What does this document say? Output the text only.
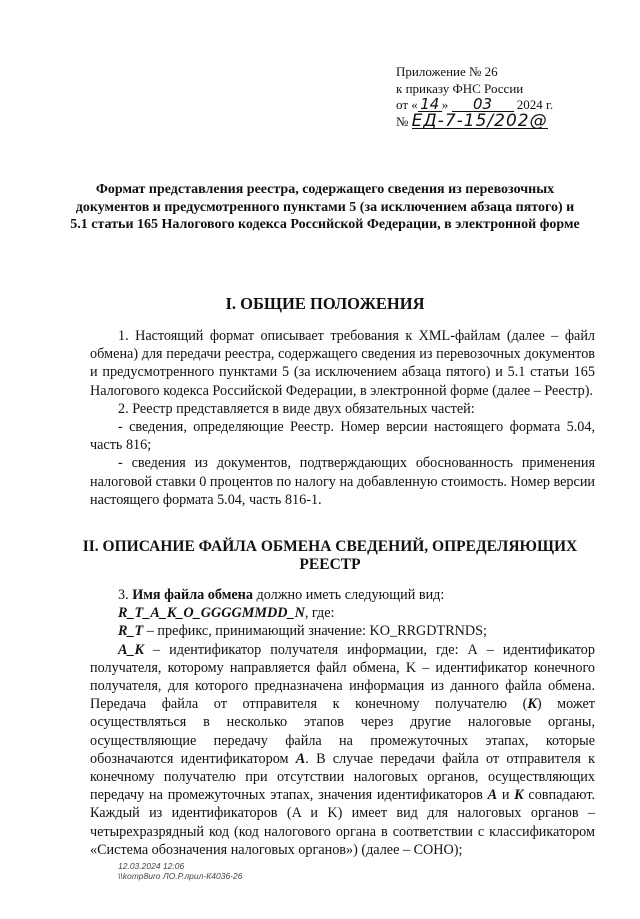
Приложение № 26
к приказу ФНС России
от « 14 » 03 2024 г.
№ ЕД-7-15/202@
Формат представления реестра, содержащего сведения из перевозочных документов и предусмотренного пунктами 5 (за исключением абзаца пятого) и 5.1 статьи 165 Налогового кодекса Российской Федерации, в электронной форме
I. ОБЩИЕ ПОЛОЖЕНИЯ

1. Настоящий формат описывает требования к XML-файлам (далее – файл обмена) для передачи реестра, содержащего сведения из перевозочных документов и предусмотренного пунктами 5 (за исключением абзаца пятого) и 5.1 статьи 165 Налогового кодекса Российской Федерации, в электронной форме (далее – Реестр).

2. Реестр представляется в виде двух обязательных частей:

- сведения, определяющие Реестр. Номер версии настоящего формата 5.04, часть 816;

- сведения из документов, подтверждающих обоснованность применения налоговой ставки 0 процентов по налогу на добавленную стоимость. Номер версии настоящего формата 5.04, часть 816-1.

II. ОПИСАНИЕ ФАЙЛА ОБМЕНА СВЕДЕНИЙ, ОПРЕДЕЛЯЮЩИХ РЕЕСТР

3. Имя файла обмена должно иметь следующий вид:

R_T_A_K_O_GGGGMMDD_N, где:

R_T – префикс, принимающий значение: KO_RRGDTRNDS;

A_K – идентификатор получателя информации, где: А – идентификатор получателя, которому направляется файл обмена, K – идентификатор конечного получателя, для которого предназначена информация из данного файла обмена. Передача файла от отправителя к конечному получателю (K) может осуществляться в несколько этапов через другие налоговые органы, осуществляющие передачу файла на промежуточных этапах, которые обозначаются идентификатором A. В случае передачи файла от отправителя к конечному получателю при отсутствии налоговых органов, осуществляющих передачу на промежуточных этапах, значения идентификаторов A и K совпадают. Каждый из идентификаторов (A и K) имеет вид для налоговых органов – четырехразрядный код (код налогового органа в соответствии с классификатором «Система обозначения налоговых органов») (далее – СОНО);

12.03.2024 12:06
\\komp8uro ЛО.Р.лрил-К4036-26
